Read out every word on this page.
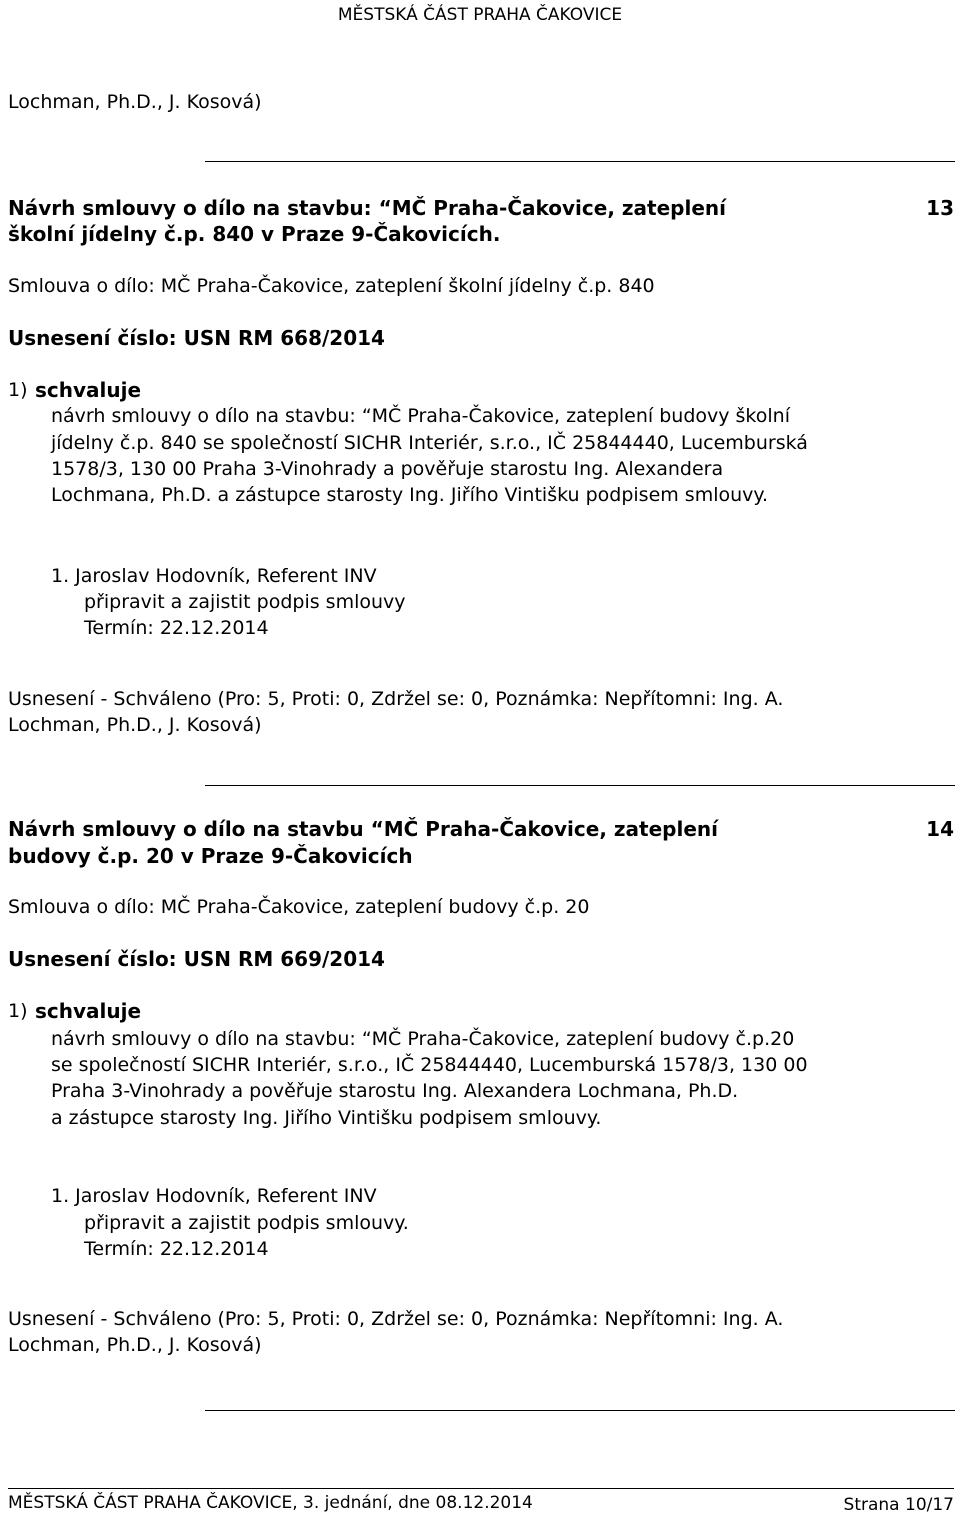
MĚSTSKÁ ČÁST PRAHA ČAKOVICE
Lochman, Ph.D., J. Kosová)
Návrh smlouvy o dílo na stavbu: “MČ Praha-Čakovice, zateplení
školní jídelny č.p. 840 v Praze 9-Čakovicích.
13
Smlouva o dílo: MČ Praha-Čakovice, zateplení školní jídelny č.p. 840
Usnesení číslo: USN RM 668/2014
1) schvaluje
návrh smlouvy o dílo na stavbu: “MČ Praha-Čakovice, zateplení budovy školní
jídelny č.p. 840 se společností SICHR Interiér, s.r.o., IČ 25844440, Lucemburská
1578/3, 130 00 Praha 3-Vinohrady a pověřuje starostu Ing. Alexandera
Lochmana, Ph.D. a zástupce starosty Ing. Jiřího Vintišku podpisem smlouvy.
1. Jaroslav Hodovník, Referent INV
připravit a zajistit podpis smlouvy
Termín: 22.12.2014
Usnesení - Schváleno (Pro: 5, Proti: 0, Zdržel se: 0, Poznámka: Nepřítomni: Ing. A.
Lochman, Ph.D., J. Kosová)
Návrh smlouvy o dílo na stavbu “MČ Praha-Čakovice, zateplení
budovy č.p. 20 v Praze 9-Čakovicích
14
Smlouva o dílo: MČ Praha-Čakovice, zateplení budovy č.p. 20
Usnesení číslo: USN RM 669/2014
1) schvaluje
návrh smlouvy o dílo na stavbu: “MČ Praha-Čakovice, zateplení budovy č.p.20
se společností SICHR Interiér, s.r.o., IČ 25844440, Lucemburská 1578/3, 130 00
Praha 3-Vinohrady a pověřuje starostu Ing. Alexandera Lochmana, Ph.D.
a zástupce starosty Ing. Jiřího Vintišku podpisem smlouvy.
1. Jaroslav Hodovník, Referent INV
připravit a zajistit podpis smlouvy.
Termín: 22.12.2014
Usnesení - Schváleno (Pro: 5, Proti: 0, Zdržel se: 0, Poznámka: Nepřítomni: Ing. A.
Lochman, Ph.D., J. Kosová)
MĚSTSKÁ ČÁST PRAHA ČAKOVICE, 3. jednání, dne 08.12.2014	Strana 10/17
